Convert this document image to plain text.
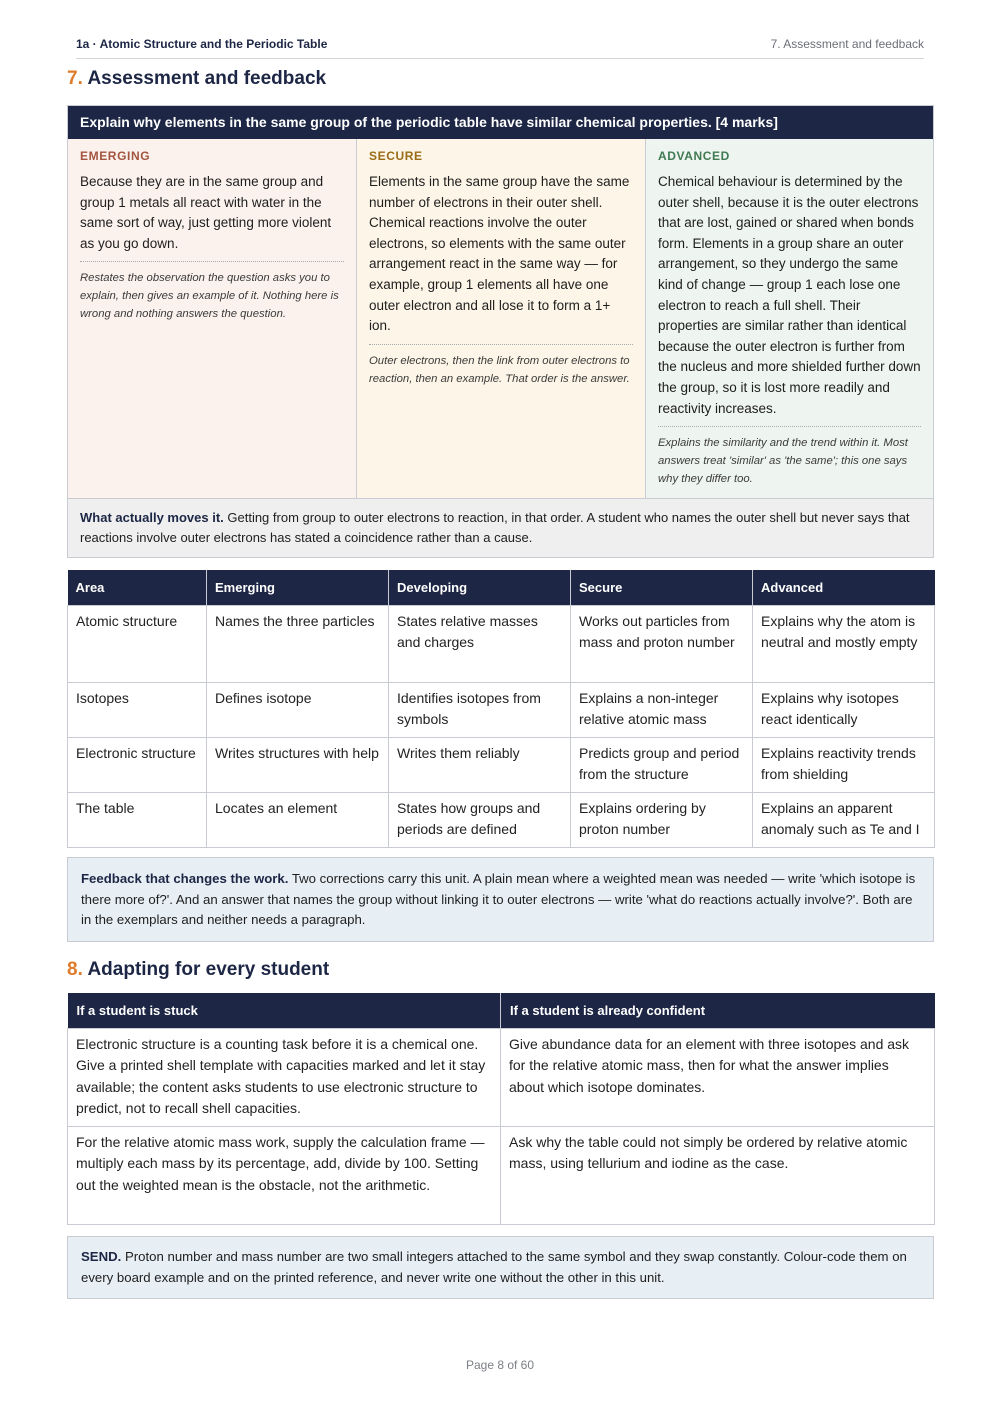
1a · Atomic Structure and the Periodic Table	7. Assessment and feedback
7. Assessment and feedback
Explain why elements in the same group of the periodic table have similar chemical properties. [4 marks]
EMERGING
Because they are in the same group and group 1 metals all react with water in the same sort of way, just getting more violent as you go down.
Restates the observation the question asks you to explain, then gives an example of it. Nothing here is wrong and nothing answers the question.
SECURE
Elements in the same group have the same number of electrons in their outer shell. Chemical reactions involve the outer electrons, so elements with the same outer arrangement react in the same way — for example, group 1 elements all have one outer electron and all lose it to form a 1+ ion.
Outer electrons, then the link from outer electrons to reaction, then an example. That order is the answer.
ADVANCED
Chemical behaviour is determined by the outer shell, because it is the outer electrons that are lost, gained or shared when bonds form. Elements in a group share an outer arrangement, so they undergo the same kind of change — group 1 each lose one electron to reach a full shell. Their properties are similar rather than identical because the outer electron is further from the nucleus and more shielded further down the group, so it is lost more readily and reactivity increases.
Explains the similarity and the trend within it. Most answers treat 'similar' as 'the same'; this one says why they differ too.
What actually moves it. Getting from group to outer electrons to reaction, in that order. A student who names the outer shell but never says that reactions involve outer electrons has stated a coincidence rather than a cause.
Area	Emerging	Developing	Secure	Advanced
Atomic structure	Names the three particles	States relative masses and charges	Works out particles from mass and proton number	Explains why the atom is neutral and mostly empty
Isotopes	Defines isotope	Identifies isotopes from symbols	Explains a non-integer relative atomic mass	Explains why isotopes react identically
Electronic structure	Writes structures with help	Writes them reliably	Predicts group and period from the structure	Explains reactivity trends from shielding
The table	Locates an element	States how groups and periods are defined	Explains ordering by proton number	Explains an apparent anomaly such as Te and I
Feedback that changes the work. Two corrections carry this unit. A plain mean where a weighted mean was needed — write 'which isotope is there more of?'. And an answer that names the group without linking it to outer electrons — write 'what do reactions actually involve?'. Both are in the exemplars and neither needs a paragraph.
8. Adapting for every student
If a student is stuck	If a student is already confident
Electronic structure is a counting task before it is a chemical one. Give a printed shell template with capacities marked and let it stay available; the content asks students to use electronic structure to predict, not to recall shell capacities.	Give abundance data for an element with three isotopes and ask for the relative atomic mass, then for what the answer implies about which isotope dominates.
For the relative atomic mass work, supply the calculation frame — multiply each mass by its percentage, add, divide by 100. Setting out the weighted mean is the obstacle, not the arithmetic.	Ask why the table could not simply be ordered by relative atomic mass, using tellurium and iodine as the case.
SEND. Proton number and mass number are two small integers attached to the same symbol and they swap constantly. Colour-code them on every board example and on the printed reference, and never write one without the other in this unit.
Page 8 of 60
